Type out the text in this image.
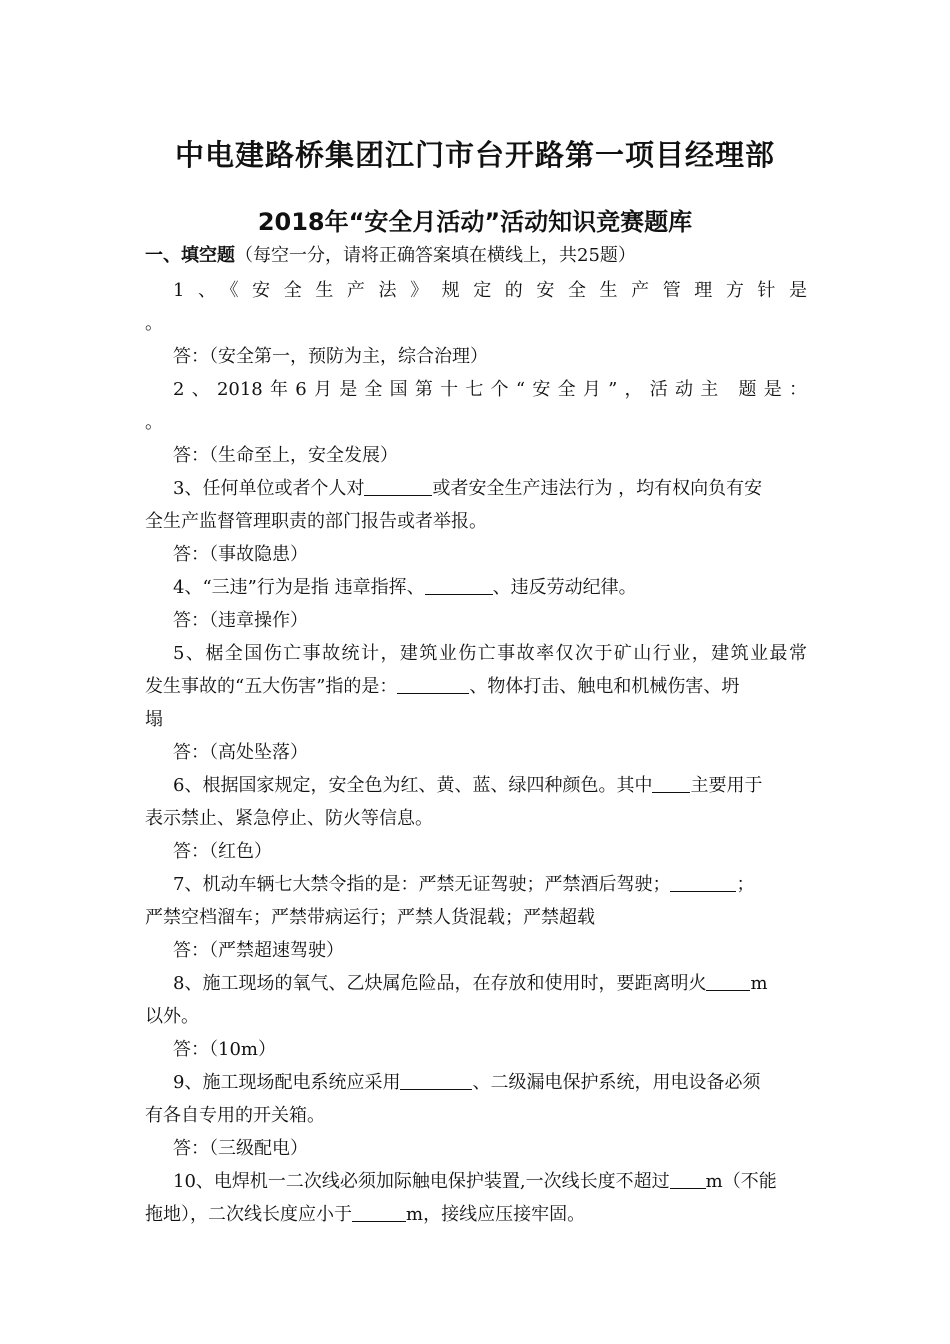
中电建路桥集团江门市台开路第一项目经理部
2018年“安全月活动”活动知识竞赛题库
一、填空题（每空一分，请将正确答案填在横线上，共25题）
1、《安全生产法》规定的安全生产管理方针是
。
答：（安全第一，预防为主，综合治理）
2、2018年6月是全国第十七个“安全月”，活动主 题是：
。
答：（生命至上，安全发展）
3、任何单位或者个人对	或者安全生产违法行为 ，均有权向负有安
全生产监督管理职责的部门报告或者举报。
答：（事故隐患）
4、“三违”行为是指 违章指挥、	、违反劳动纪律。
答：（违章操作）
5、椐全国伤亡事故统计，建筑业伤亡事故率仅次于矿山行业，建筑业最常
发生事故的“五大伤害”指的是：	、物体打击、触电和机械伤害、坍
塌
答：（高处坠落）
6、根据国家规定，安全色为红、黄、蓝、绿四种颜色。其中 主要用于
表示禁止、紧急停止、防火等信息。
答：（红色）
7、机动车辆七大禁令指的是：严禁无证驾驶；严禁酒后驾驶；	；
严禁空档溜车；严禁带病运行；严禁人货混载；严禁超载
答：（严禁超速驾驶）
8、施工现场的氧气、乙炔属危险品，在存放和使用时，要距离明火 m
以外。
答：（10m）
9、施工现场配电系统应采用	、二级漏电保护系统，用电设备必须
有各自专用的开关箱。
答：（三级配电）
10、电焊机一二次线必须加际触电保护装置,一次线长度不超过 m（不能
拖地），二次线长度应小于	m，接线应压接牢固。
